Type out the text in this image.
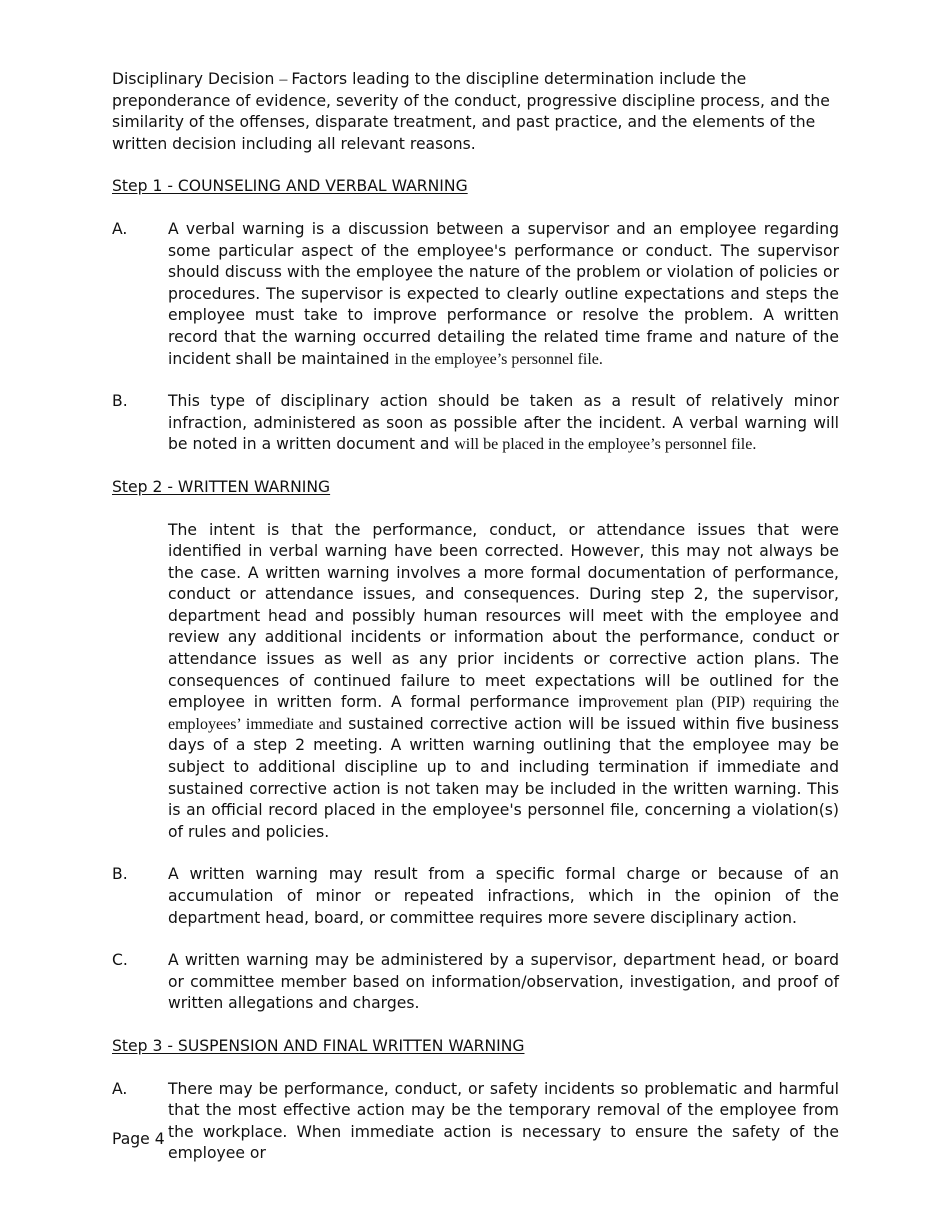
Disciplinary Decision – Factors leading to the discipline determination include the preponderance of evidence, severity of the conduct, progressive discipline process, and the similarity of the offenses, disparate treatment, and past practice, and the elements of the written decision including all relevant reasons.

Step 1 - COUNSELING AND VERBAL WARNING
A.	A verbal warning is a discussion between a supervisor and an employee regarding some particular aspect of the employee's performance or conduct. The supervisor should discuss with the employee the nature of the problem or violation of policies or procedures. The supervisor is expected to clearly outline expectations and steps the employee must take to improve performance or resolve the problem. A written record that the warning occurred detailing the related time frame and nature of the incident shall be maintained in the employee’s personnel file.
B.	This type of disciplinary action should be taken as a result of relatively minor infraction, administered as soon as possible after the incident. A verbal warning will be noted in a written document and will be placed in the employee’s personnel file.
Step 2 - WRITTEN WARNING
The intent is that the performance, conduct, or attendance issues that were identified in verbal warning have been corrected. However, this may not always be the case. A written warning involves a more formal documentation of performance, conduct or attendance issues, and consequences. During step 2, the supervisor, department head and possibly human resources will meet with the employee and review any additional incidents or information about the performance, conduct or attendance issues as well as any prior incidents or corrective action plans. The consequences of continued failure to meet expectations will be outlined for the employee in written form. A formal performance improvement plan (PIP) requiring the employees’ immediate and sustained corrective action will be issued within five business days of a step 2 meeting. A written warning outlining that the employee may be subject to additional discipline up to and including termination if immediate and sustained corrective action is not taken may be included in the written warning. This is an official record placed in the employee's personnel file, concerning a violation(s) of rules and policies.
B.	A written warning may result from a specific formal charge or because of an accumulation of minor or repeated infractions, which in the opinion of the department head, board, or committee requires more severe disciplinary action.
C.	A written warning may be administered by a supervisor, department head, or board or committee member based on information/observation, investigation, and proof of written allegations and charges.
Step 3 - SUSPENSION AND FINAL WRITTEN WARNING
A.	There may be performance, conduct, or safety incidents so problematic and harmful that the most effective action may be the temporary removal of the employee from the workplace. When immediate action is necessary to ensure the safety of the employee or
Page 4
